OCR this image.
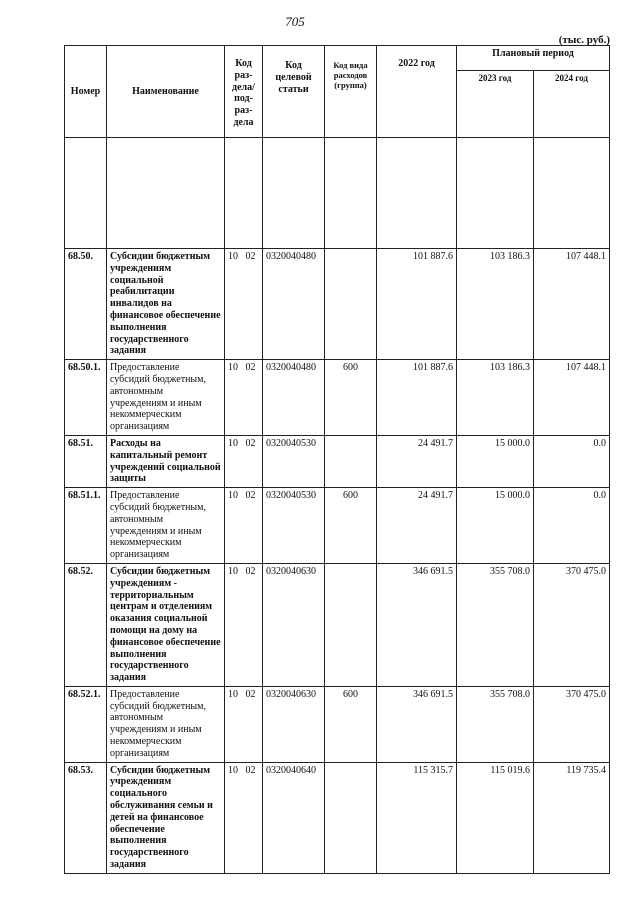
705
(тыс. руб.)
Номер	Наименование	Код раз-дела/ под-раз-дела	Код целевой статьи	Код вида расходов (группа)	2022 год	Плановый период	
						2023 год	2024 год

68.50.	Субсидии бюджетным учреждениям социальной реабилитации инвалидов на финансовое обеспечение выполнения государственного задания	10 02	0320040480		101 887.6	103 186.3	107 448.1
68.50.1.	Предоставление субсидий бюджетным, автономным учреждениям и иным некоммерческим организациям	10 02	0320040480	600	101 887.6	103 186.3	107 448.1
68.51.	Расходы на капитальный ремонт учреждений социальной защиты	10 02	0320040530		24 491.7	15 000.0	0.0
68.51.1.	Предоставление субсидий бюджетным, автономным учреждениям и иным некоммерческим организациям	10 02	0320040530	600	24 491.7	15 000.0	0.0
68.52.	Субсидии бюджетным учреждениям - территориальным центрам и отделениям оказания социальной помощи на дому на финансовое обеспечение выполнения государственного задания	10 02	0320040630		346 691.5	355 708.0	370 475.0
68.52.1.	Предоставление субсидий бюджетным, автономным учреждениям и иным некоммерческим организациям	10 02	0320040630	600	346 691.5	355 708.0	370 475.0
68.53.	Субсидии бюджетным учреждениям социального обслуживания семьи и детей на финансовое обеспечение выполнения государственного задания	10 02	0320040640		115 315.7	115 019.6	119 735.4
